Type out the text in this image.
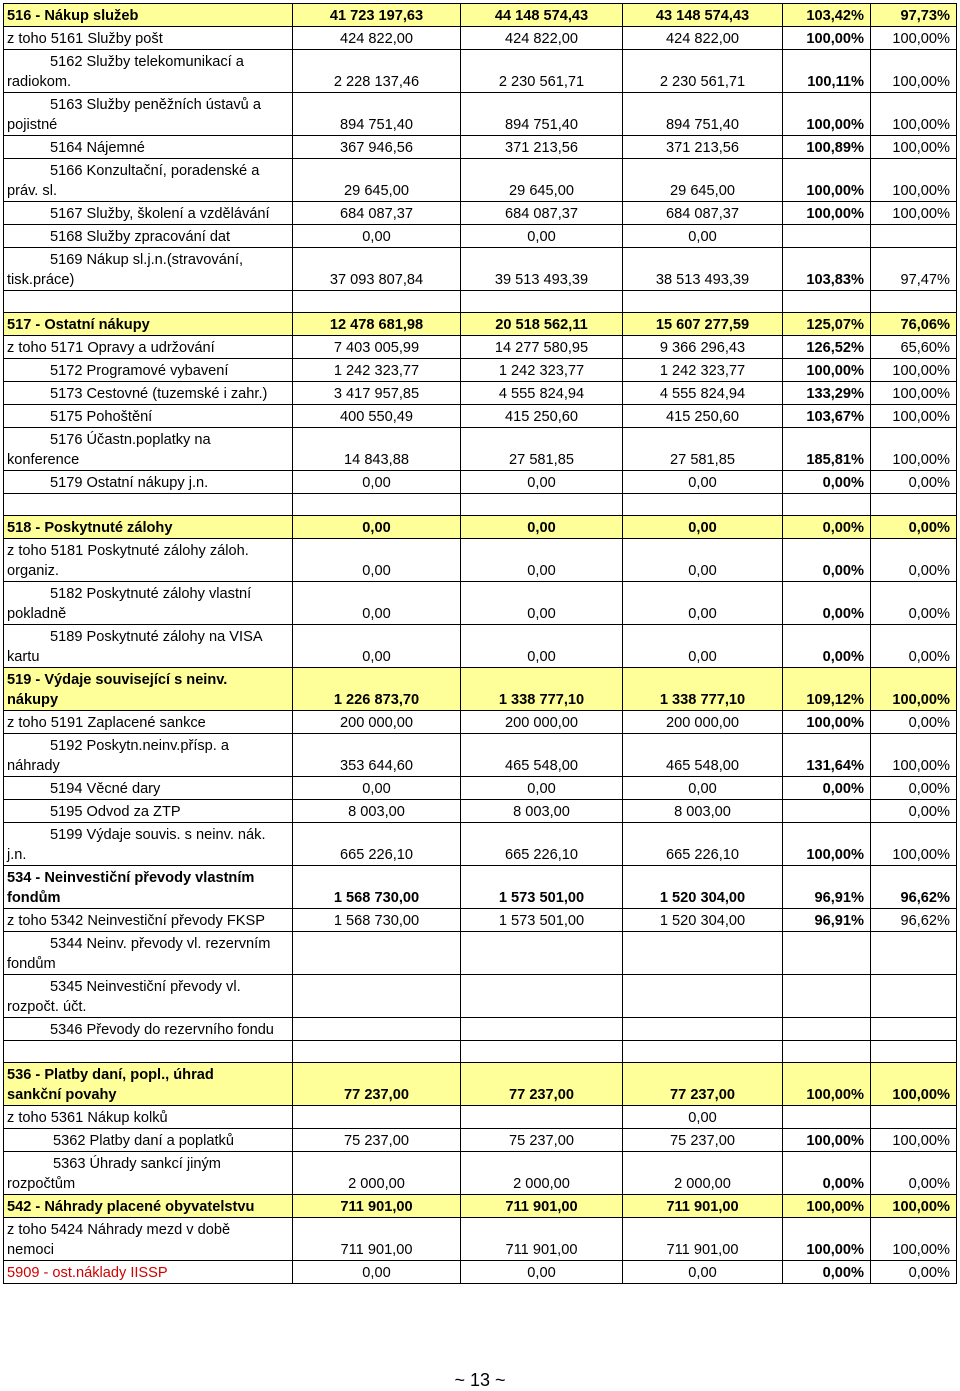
516 - Nákup služeb	41 723 197,63	44 148 574,43	43 148 574,43	103,42%	97,73%
z toho 5161 Služby pošt	424 822,00	424 822,00	424 822,00	100,00%	100,00%
5162 Služby telekomunikací a
radiokom.	2 228 137,46	2 230 561,71	2 230 561,71	100,11%	100,00%
5163 Služby peněžních ústavů a
pojistné	894 751,40	894 751,40	894 751,40	100,00%	100,00%
5164 Nájemné	367 946,56	371 213,56	371 213,56	100,89%	100,00%
5166 Konzultační, poradenské a
práv. sl.	29 645,00	29 645,00	29 645,00	100,00%	100,00%
5167 Služby, školení a vzdělávání	684 087,37	684 087,37	684 087,37	100,00%	100,00%
5168 Služby zpracování dat	0,00	0,00	0,00		
5169 Nákup sl.j.n.(stravování,
tisk.práce)	37 093 807,84	39 513 493,39	38 513 493,39	103,83%	97,47%

517 - Ostatní nákupy	12 478 681,98	20 518 562,11	15 607 277,59	125,07%	76,06%
z toho 5171 Opravy a udržování	7 403 005,99	14 277 580,95	9 366 296,43	126,52%	65,60%
5172 Programové vybavení	1 242 323,77	1 242 323,77	1 242 323,77	100,00%	100,00%
5173 Cestovné (tuzemské i zahr.)	3 417 957,85	4 555 824,94	4 555 824,94	133,29%	100,00%
5175 Pohoštění	400 550,49	415 250,60	415 250,60	103,67%	100,00%
5176 Účastn.poplatky na
konference	14 843,88	27 581,85	27 581,85	185,81%	100,00%
5179 Ostatní nákupy j.n.	0,00	0,00	0,00	0,00%	0,00%

518 - Poskytnuté zálohy	0,00	0,00	0,00	0,00%	0,00%
z toho 5181 Poskytnuté zálohy záloh.
organiz.	0,00	0,00	0,00	0,00%	0,00%
5182 Poskytnuté zálohy vlastní
pokladně	0,00	0,00	0,00	0,00%	0,00%
5189 Poskytnuté zálohy na VISA
kartu	0,00	0,00	0,00	0,00%	0,00%
519 - Výdaje související s neinv.
nákupy	1 226 873,70	1 338 777,10	1 338 777,10	109,12%	100,00%
z toho 5191 Zaplacené sankce	200 000,00	200 000,00	200 000,00	100,00%	0,00%
5192 Poskytn.neinv.přísp. a
náhrady	353 644,60	465 548,00	465 548,00	131,64%	100,00%
5194 Věcné dary	0,00	0,00	0,00	0,00%	0,00%
5195 Odvod za ZTP	8 003,00	8 003,00	8 003,00		0,00%
5199 Výdaje souvis. s neinv. nák.
j.n.	665 226,10	665 226,10	665 226,10	100,00%	100,00%
534 - Neinvestiční převody vlastním
fondům	1 568 730,00	1 573 501,00	1 520 304,00	96,91%	96,62%
z toho 5342 Neinvestiční převody FKSP	1 568 730,00	1 573 501,00	1 520 304,00	96,91%	96,62%
5344 Neinv. převody vl. rezervním
fondům					
5345 Neinvestiční převody vl.
rozpočt. účt.					
5346 Převody do rezervního fondu					

536 - Platby daní, popl., úhrad
sankční povahy	77 237,00	77 237,00	77 237,00	100,00%	100,00%
z toho 5361 Nákup kolků			0,00		
5362 Platby daní a poplatků	75 237,00	75 237,00	75 237,00	100,00%	100,00%
5363 Úhrady sankcí jiným
rozpočtům	2 000,00	2 000,00	2 000,00	0,00%	0,00%
542 - Náhrady placené obyvatelstvu	711 901,00	711 901,00	711 901,00	100,00%	100,00%
z toho 5424 Náhrady mezd v době
nemoci	711 901,00	711 901,00	711 901,00	100,00%	100,00%
5909 - ost.náklady IISSP	0,00	0,00	0,00	0,00%	0,00%
~ 13 ~
